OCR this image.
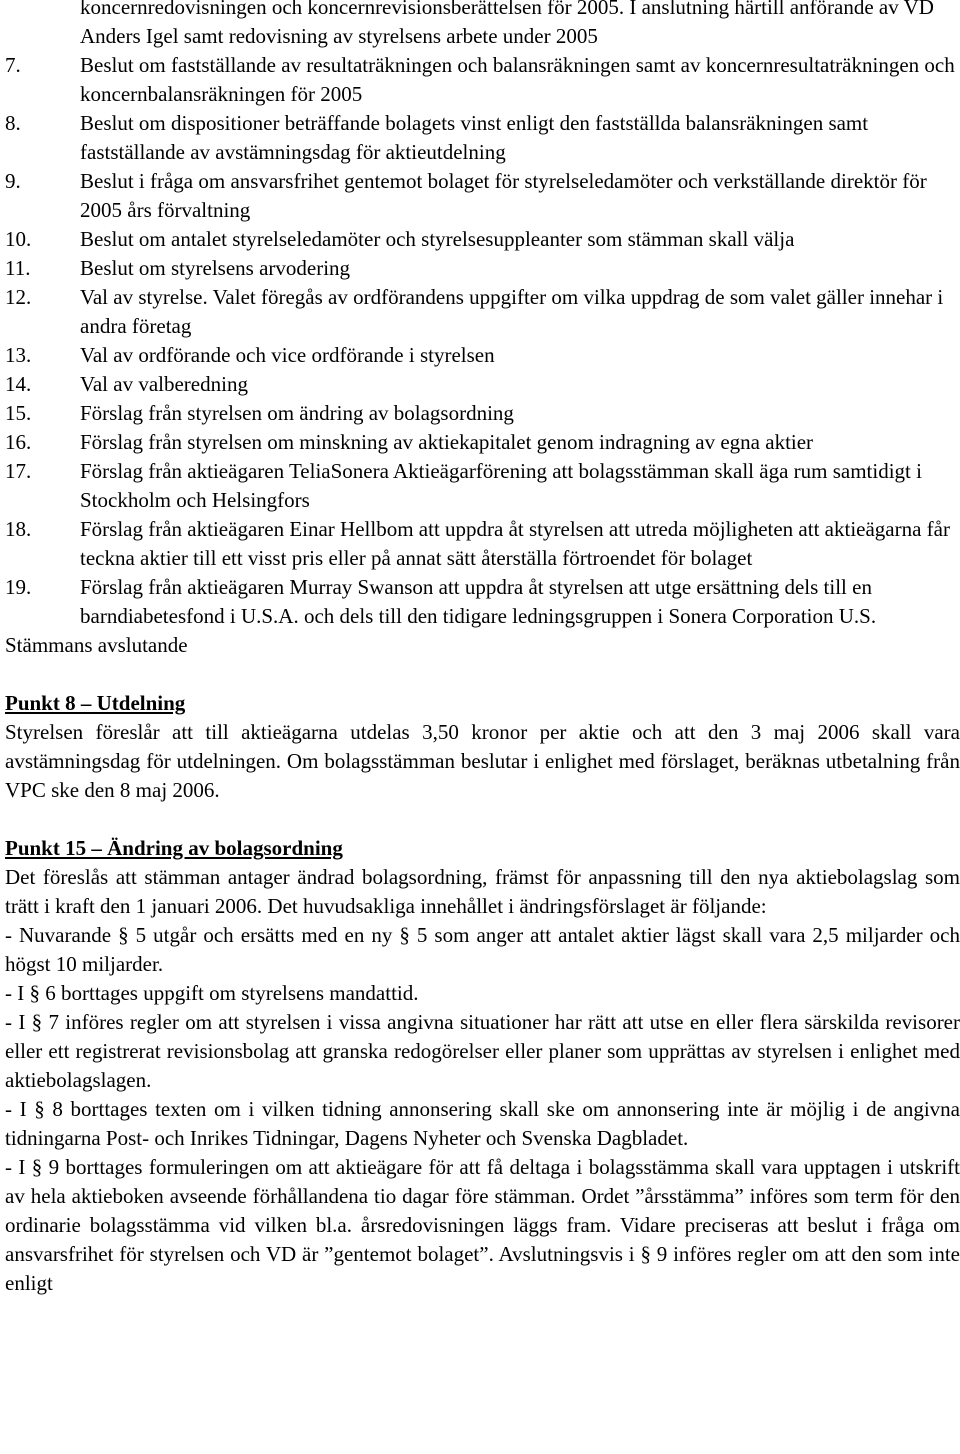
koncernredovisningen och koncernrevisionsberättelsen för 2005. I anslutning härtill anförande av VD Anders Igel samt redovisning av styrelsens arbete under 2005

7.	Beslut om fastställande av resultaträkningen och balansräkningen samt av koncernresultaträkningen och koncernbalansräkningen för 2005

8.	Beslut om dispositioner beträffande bolagets vinst enligt den fastställda balansräkningen samt fastställande av avstämningsdag för aktieutdelning

9.	Beslut i fråga om ansvarsfrihet gentemot bolaget för styrelseledamöter och verkställande direktör för 2005 års förvaltning

10. Beslut om antalet styrelseledamöter och styrelsesuppleanter som stämman skall välja

11. Beslut om styrelsens arvodering

12. Val av styrelse. Valet föregås av ordförandens uppgifter om vilka uppdrag de som valet gäller innehar i andra företag

13. Val av ordförande och vice ordförande i styrelsen

14. Val av valberedning

15. Förslag från styrelsen om ändring av bolagsordning

16. Förslag från styrelsen om minskning av aktiekapitalet genom indragning av egna aktier

17. Förslag från aktieägaren TeliaSonera Aktieägarförening att bolagsstämman skall äga rum samtidigt i Stockholm och Helsingfors

18. Förslag från aktieägaren Einar Hellbom att uppdra åt styrelsen att utreda möjligheten att aktieägarna får teckna aktier till ett visst pris eller på annat sätt återställa förtroendet för bolaget

19. Förslag från aktieägaren Murray Swanson att uppdra åt styrelsen att utge ersättning dels till en barndiabetesfond i U.S.A. och dels till den tidigare ledningsgruppen i Sonera Corporation U.S.

Stämmans avslutande

Punkt 8 – Utdelning

Styrelsen föreslår att till aktieägarna utdelas 3,50 kronor per aktie och att den 3 maj 2006 skall vara avstämningsdag för utdelningen. Om bolagsstämman beslutar i enlighet med förslaget, beräknas utbetalning från VPC ske den 8 maj 2006.

Punkt 15 – Ändring av bolagsordning

Det föreslås att stämman antager ändrad bolagsordning, främst för anpassning till den nya aktiebolagslag som trätt i kraft den 1 januari 2006. Det huvudsakliga innehållet i ändringsförslaget är följande:

- Nuvarande § 5 utgår och ersätts med en ny § 5 som anger att antalet aktier lägst skall vara 2,5 miljarder och högst 10 miljarder.

- I § 6 borttages uppgift om styrelsens mandattid.

- I § 7 införes regler om att styrelsen i vissa angivna situationer har rätt att utse en eller flera särskilda revisorer eller ett registrerat revisionsbolag att granska redogörelser eller planer som upprättas av styrelsen i enlighet med aktiebolagslagen.

- I § 8 borttages texten om i vilken tidning annonsering skall ske om annonsering inte är möjlig i de angivna tidningarna Post- och Inrikes Tidningar, Dagens Nyheter och Svenska Dagbladet.

- I § 9 borttages formuleringen om att aktieägare för att få deltaga i bolagsstämma skall vara upptagen i utskrift av hela aktieboken avseende förhållandena tio dagar före stämman. Ordet ”årsstämma” införes som term för den ordinarie bolagsstämma vid vilken bl.a. årsredovisningen läggs fram. Vidare preciseras att beslut i fråga om ansvarsfrihet för styrelsen och VD är ”gentemot bolaget”. Avslutningsvis i § 9 införes regler om att den som inte enligt
